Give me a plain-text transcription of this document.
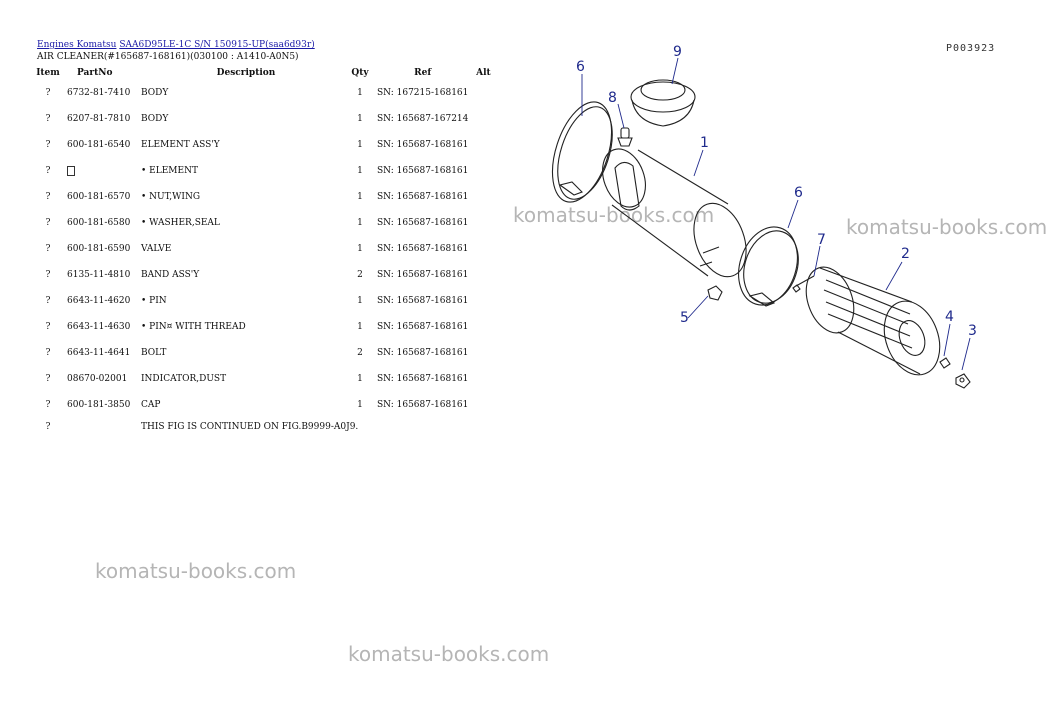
Engines Komatsu SAA6D95LE-1C S/N 150915-UP(saa6d93r)
AIR CLEANER(#165687-168161)(030100 : A1410-A0N5)
Item	PartNo	Description	Qty	Ref	Alt
?	6732-81-7410	BODY	1	SN: 167215-168161	
?	6207-81-7810	BODY	1	SN: 165687-167214	
?	600-181-6540	ELEMENT ASS'Y	1	SN: 165687-168161	
?		• ELEMENT	1	SN: 165687-168161	
?	600-181-6570	• NUT,WING	1	SN: 165687-168161	
?	600-181-6580	• WASHER,SEAL	1	SN: 165687-168161	
?	600-181-6590	VALVE	1	SN: 165687-168161	
?	6135-11-4810	BAND ASS'Y	2	SN: 165687-168161	
?	6643-11-4620	• PIN	1	SN: 165687-168161	
?	6643-11-4630	• PIN¤ WITH THREAD	1	SN: 165687-168161	
?	6643-11-4641	BOLT	2	SN: 165687-168161	
?	08670-02001	INDICATOR,DUST	1	SN: 165687-168161	
?	600-181-3850	CAP	1	SN: 165687-168161	
?		THIS FIG IS CONTINUED ON FIG.B9999-A0J9.			
komatsu-books.com	komatsu-books.com
komatsu-books.com
komatsu-books.com
P003923
6
9
8
1
6
7
5
2
4
3
